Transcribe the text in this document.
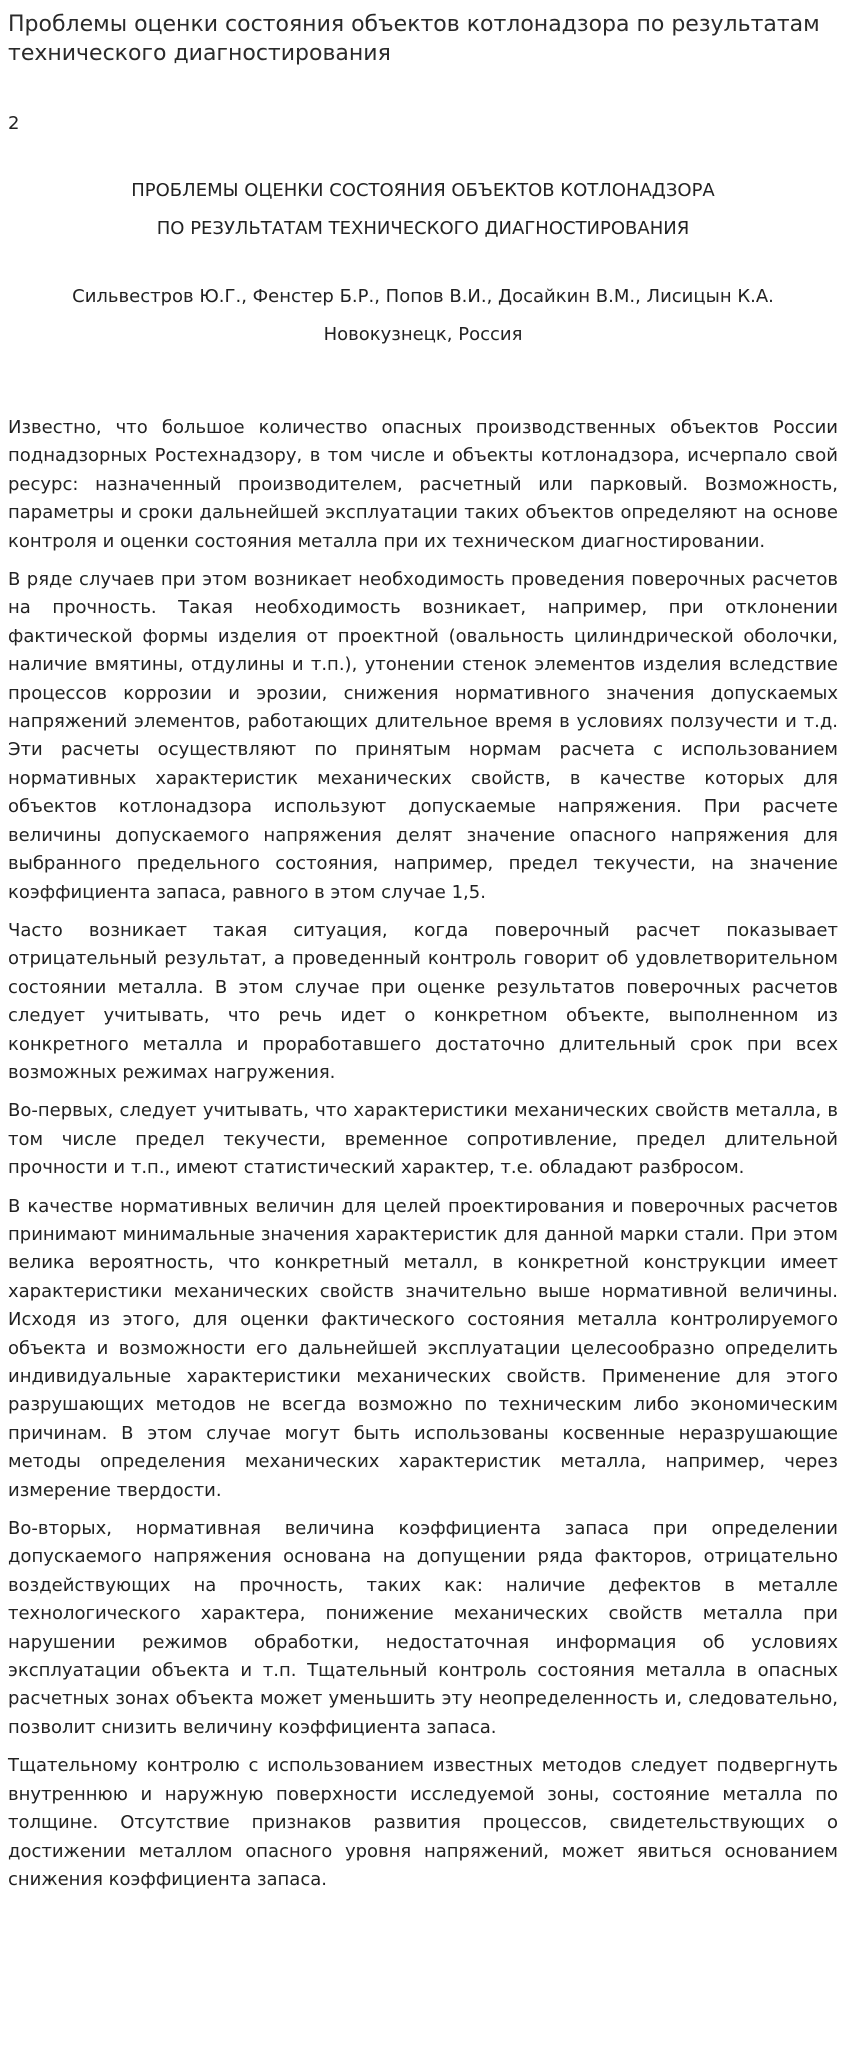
Проблемы оценки состояния объектов котлонадзора по результатам технического диагностирования
2
ПРОБЛЕМЫ ОЦЕНКИ СОСТОЯНИЯ ОБЪЕКТОВ КОТЛОНАДЗОРА
ПО РЕЗУЛЬТАТАМ ТЕХНИЧЕСКОГО ДИАГНОСТИРОВАНИЯ
Сильвестров Ю.Г., Фенстер Б.Р., Попов В.И., Досайкин В.М., Лисицын К.А.
Новокузнецк, Россия

Известно, что большое количество опасных производственных объектов России поднадзорных Ростехнадзору, в том числе и объекты котлонадзора, исчерпало свой ресурс: назначенный производителем, расчетный или парковый. Возможность, параметры и сроки дальнейшей эксплуатации таких объектов определяют на основе контроля и оценки состояния металла при их техническом диагностировании.

В ряде случаев при этом возникает необходимость проведения поверочных расчетов на прочность. Такая необходимость возникает, например, при отклонении фактической формы изделия от проектной (овальность цилиндрической оболочки, наличие вмятины, отдулины и т.п.), утонении стенок элементов изделия вследствие процессов коррозии и эрозии, снижения нормативного значения допускаемых напряжений элементов, работающих длительное время в условиях ползучести и т.д. Эти расчеты осуществляют по принятым нормам расчета с использованием нормативных характеристик механических свойств, в качестве которых для объектов котлонадзора используют допускаемые напряжения. При расчете величины допускаемого напряжения делят значение опасного напряжения для выбранного предельного состояния, например, предел текучести, на значение коэффициента запаса, равного в этом случае 1,5.

Часто возникает такая ситуация, когда поверочный расчет показывает отрицательный результат, а проведенный контроль говорит об удовлетворительном состоянии металла. В этом случае при оценке результатов поверочных расчетов следует учитывать, что речь идет о конкретном объекте, выполненном из конкретного металла и проработавшего достаточно длительный срок при всех возможных режимах нагружения.

Во-первых, следует учитывать, что характеристики механических свойств металла, в том числе предел текучести, временное сопротивление, предел длительной прочности и т.п., имеют статистический характер, т.е. обладают разбросом.

В качестве нормативных величин для целей проектирования и поверочных расчетов принимают минимальные значения характеристик для данной марки стали. При этом велика вероятность, что конкретный металл, в конкретной конструкции имеет характеристики механических свойств значительно выше нормативной величины. Исходя из этого, для оценки фактического состояния металла контролируемого объекта и возможности его дальнейшей эксплуатации целесообразно определить индивидуальные характеристики механических свойств. Применение для этого разрушающих методов не всегда возможно по техническим либо экономическим причинам. В этом случае могут быть использованы косвенные неразрушающие методы определения механических характеристик металла, например, через измерение твердости.

Во-вторых, нормативная величина коэффициента запаса при определении допускаемого напряжения основана на допущении ряда факторов, отрицательно воздействующих на прочность, таких как: наличие дефектов в металле технологического характера, понижение механических свойств металла при нарушении режимов обработки, недостаточная информация об условиях эксплуатации объекта и т.п. Тщательный контроль состояния металла в опасных расчетных зонах объекта может уменьшить эту неопределенность и, следовательно, позволит снизить величину коэффициента запаса.

Тщательному контролю с использованием известных методов следует подвергнуть внутреннюю и наружную поверхности исследуемой зоны, состояние металла по толщине. Отсутствие признаков развития процессов, свидетельствующих о достижении металлом опасного уровня напряжений, может явиться основанием снижения коэффициента запаса.
